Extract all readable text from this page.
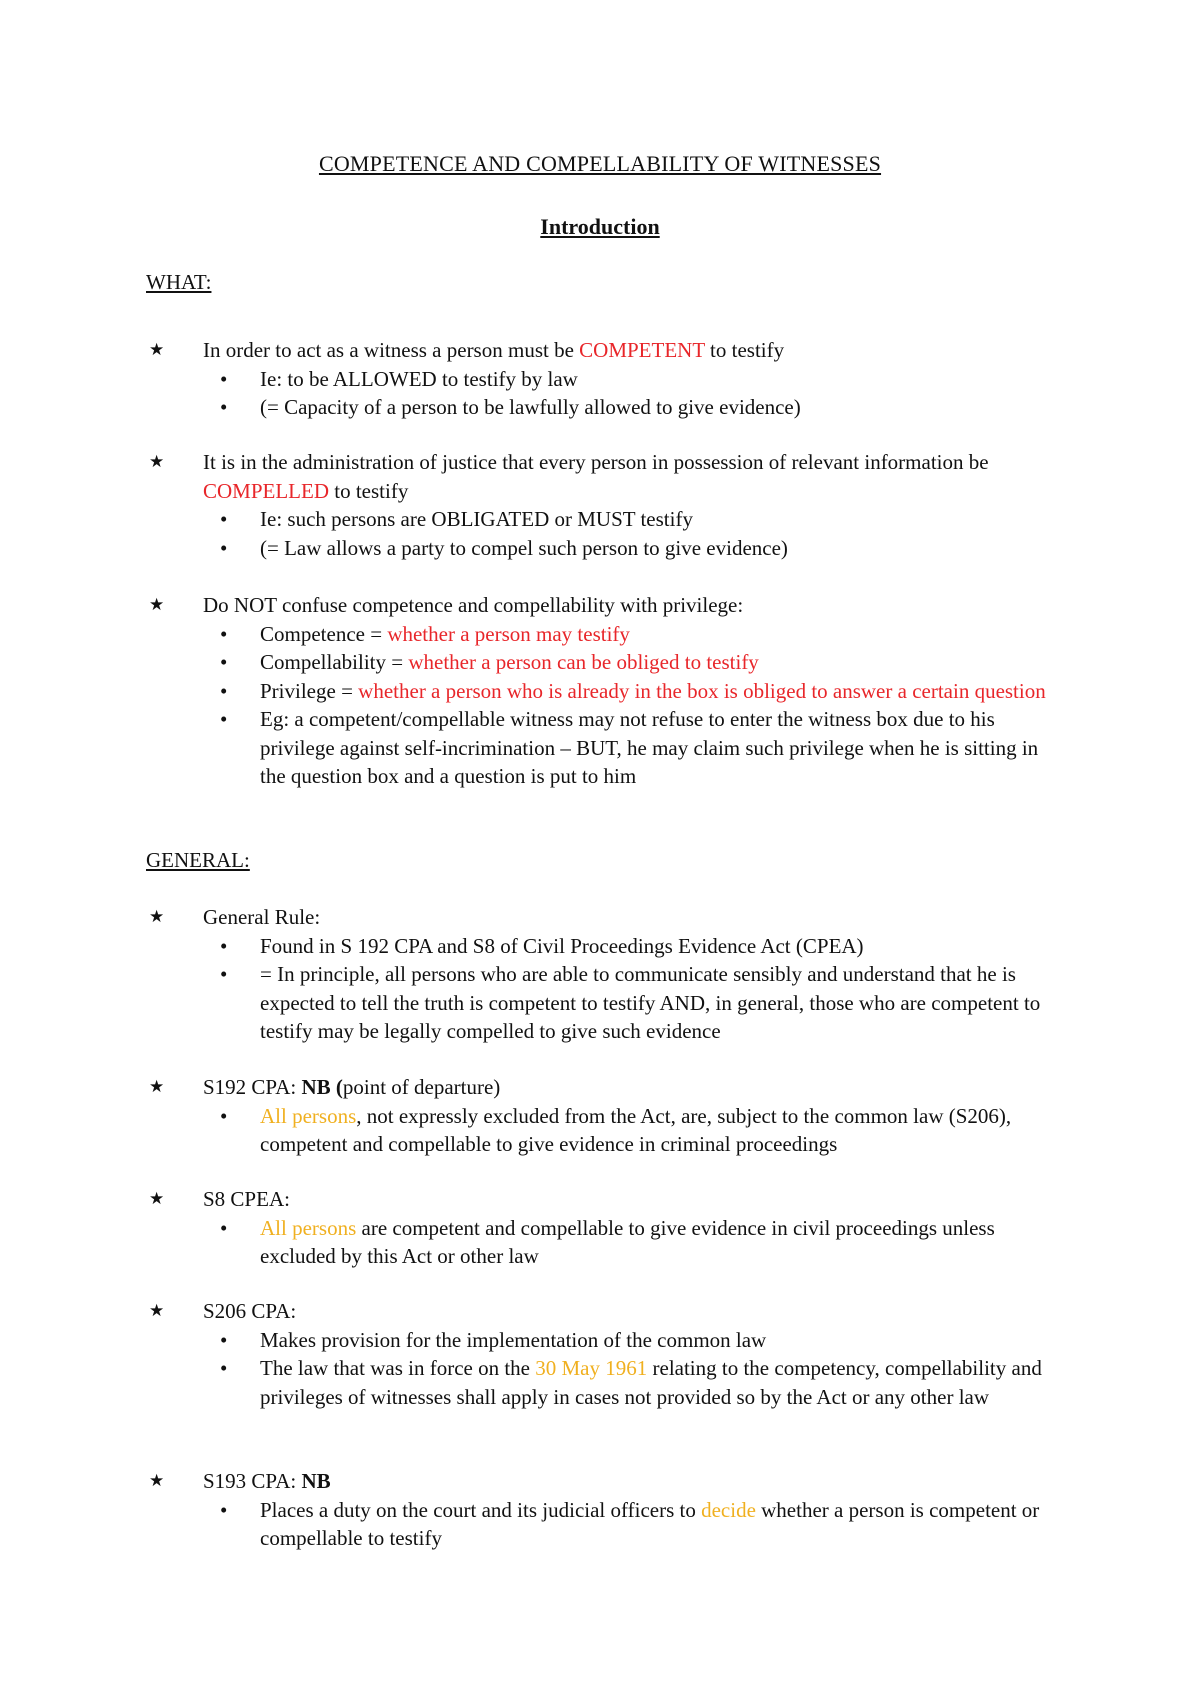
COMPETENCE AND COMPELLABILITY OF WITNESSES
Introduction
WHAT:
★ In order to act as a witness a person must be COMPETENT to testify
• Ie: to be ALLOWED to testify by law
• (= Capacity of a person to be lawfully allowed to give evidence)
★ It is in the administration of justice that every person in possession of relevant information be COMPELLED to testify
• Ie: such persons are OBLIGATED or MUST testify
• (= Law allows a party to compel such person to give evidence)
★ Do NOT confuse competence and compellability with privilege:
• Competence = whether a person may testify
• Compellability = whether a person can be obliged to testify
• Privilege = whether a person who is already in the box is obliged to answer a certain question
• Eg: a competent/compellable witness may not refuse to enter the witness box due to his privilege against self-incrimination – BUT, he may claim such privilege when he is sitting in the question box and a question is put to him
GENERAL:
★ General Rule:
• Found in S 192 CPA and S8 of Civil Proceedings Evidence Act (CPEA)
• = In principle, all persons who are able to communicate sensibly and understand that he is expected to tell the truth is competent to testify AND, in general, those who are competent to testify may be legally compelled to give such evidence
★ S192 CPA: NB (point of departure)
• All persons, not expressly excluded from the Act, are, subject to the common law (S206), competent and compellable to give evidence in criminal proceedings
★ S8 CPEA:
• All persons are competent and compellable to give evidence in civil proceedings unless excluded by this Act or other law
★ S206 CPA:
• Makes provision for the implementation of the common law
• The law that was in force on the 30 May 1961 relating to the competency, compellability and privileges of witnesses shall apply in cases not provided so by the Act or any other law
★ S193 CPA: NB
• Places a duty on the court and its judicial officers to decide whether a person is competent or compellable to testify
